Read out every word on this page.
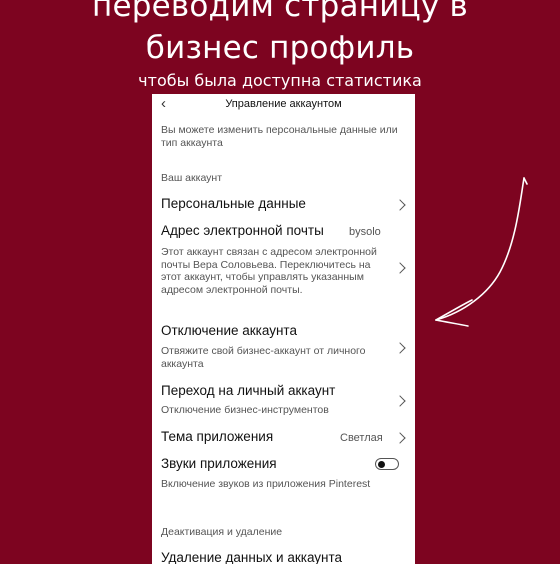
переводим страницу в
бизнес профиль
чтобы была доступна статистика
‹	Управление аккаунтом
Вы можете изменить персональные данные или тип аккаунта
Ваш аккаунт
Персональные данные
Адрес электронной почты bysolo
Этот аккаунт связан с адресом электронной почты Вера Соловьева. Переключитесь на этот аккаунт, чтобы управлять указанным адресом электронной почты.
Отключение аккаунта
Отвяжите свой бизнес-аккаунт от личного аккаунта
Переход на личный аккаунт
Отключение бизнес-инструментов
Тема приложения	Светлая
Звуки приложения
Включение звуков из приложения Pinterest
Деактивация и удаление
Удаление данных и аккаунта
